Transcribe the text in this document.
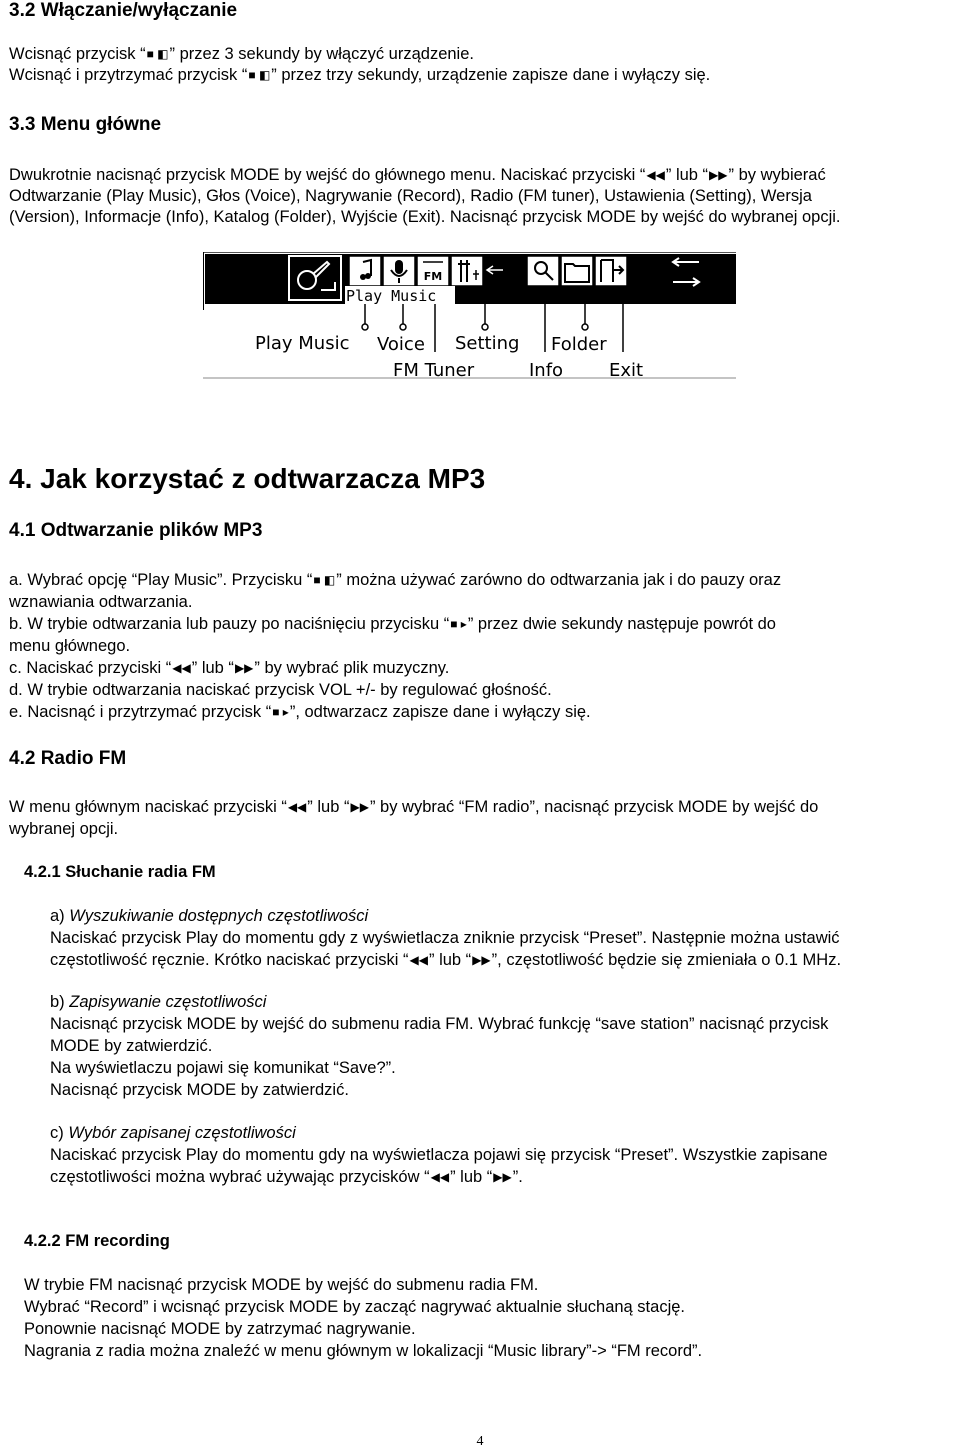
3.2 Włączanie/wyłączanie
Wcisnąć przycisk “■ ◧” przez 3 sekundy by włączyć urządzenie.
Wcisnąć i przytrzymać przycisk “■ ◧” przez trzy sekundy, urządzenie zapisze dane i wyłączy się.
3.3 Menu główne
Dwukrotnie nacisnąć przycisk MODE by wejść do głównego menu. Naciskać przyciski “◀◀” lub “▶▶” by wybierać
Odtwarzanie (Play Music), Głos (Voice), Nagrywanie (Record), Radio (FM tuner), Ustawienia (Setting), Wersja
(Version), Informacje (Info), Katalog (Folder), Wyjście (Exit). Nacisnąć przycisk MODE by wejść do wybranej opcji.
FM
Play Music
Play Music Voice Setting Folder
FM Tuner	Info	Exit
4. Jak korzystać z odtwarzacza MP3
4.1 Odtwarzanie plików MP3
a. Wybrać opcję “Play Music”. Przycisku “■ ◧” można używać zarówno do odtwarzania jak i do pauzy oraz
wznawiania odtwarzania.
b. W trybie odtwarzania lub pauzy po naciśnięciu przycisku “■ ▸” przez dwie sekundy następuje powrót do
menu głównego.
c. Naciskać przyciski “◀◀” lub “▶▶” by wybrać plik muzyczny.
d. W trybie odtwarzania naciskać przycisk VOL +/- by regulować głośność.
e. Nacisnąć i przytrzymać przycisk “■ ▸”, odtwarzacz zapisze dane i wyłączy się.
4.2 Radio FM
W menu głównym naciskać przyciski “◀◀” lub “▶▶” by wybrać “FM radio”, nacisnąć przycisk MODE by wejść do
wybranej opcji.
4.2.1 Słuchanie radia FM
a) Wyszukiwanie dostępnych częstotliwości
Naciskać przycisk Play do momentu gdy z wyświetlacza zniknie przycisk “Preset”. Następnie można ustawić
częstotliwość ręcznie. Krótko naciskać przyciski “◀◀” lub “▶▶”, częstotliwość będzie się zmieniała o 0.1 MHz.
b) Zapisywanie częstotliwości
Nacisnąć przycisk MODE by wejść do submenu radia FM. Wybrać funkcję “save station” nacisnąć przycisk
MODE by zatwierdzić.
Na wyświetlaczu pojawi się komunikat “Save?”.
Nacisnąć przycisk MODE by zatwierdzić.
c) Wybór zapisanej częstotliwości
Naciskać przycisk Play do momentu gdy na wyświetlacza pojawi się przycisk “Preset”. Wszystkie zapisane
częstotliwości można wybrać używając przycisków “◀◀” lub “▶▶”.
4.2.2 FM recording
W trybie FM nacisnąć przycisk MODE by wejść do submenu radia FM.
Wybrać “Record” i wcisnąć przycisk MODE by zacząć nagrywać aktualnie słuchaną stację.
Ponownie nacisnąć MODE by zatrzymać nagrywanie.
Nagrania z radia można znaleźć w menu głównym w lokalizacji “Music library”-> “FM record”.
4
